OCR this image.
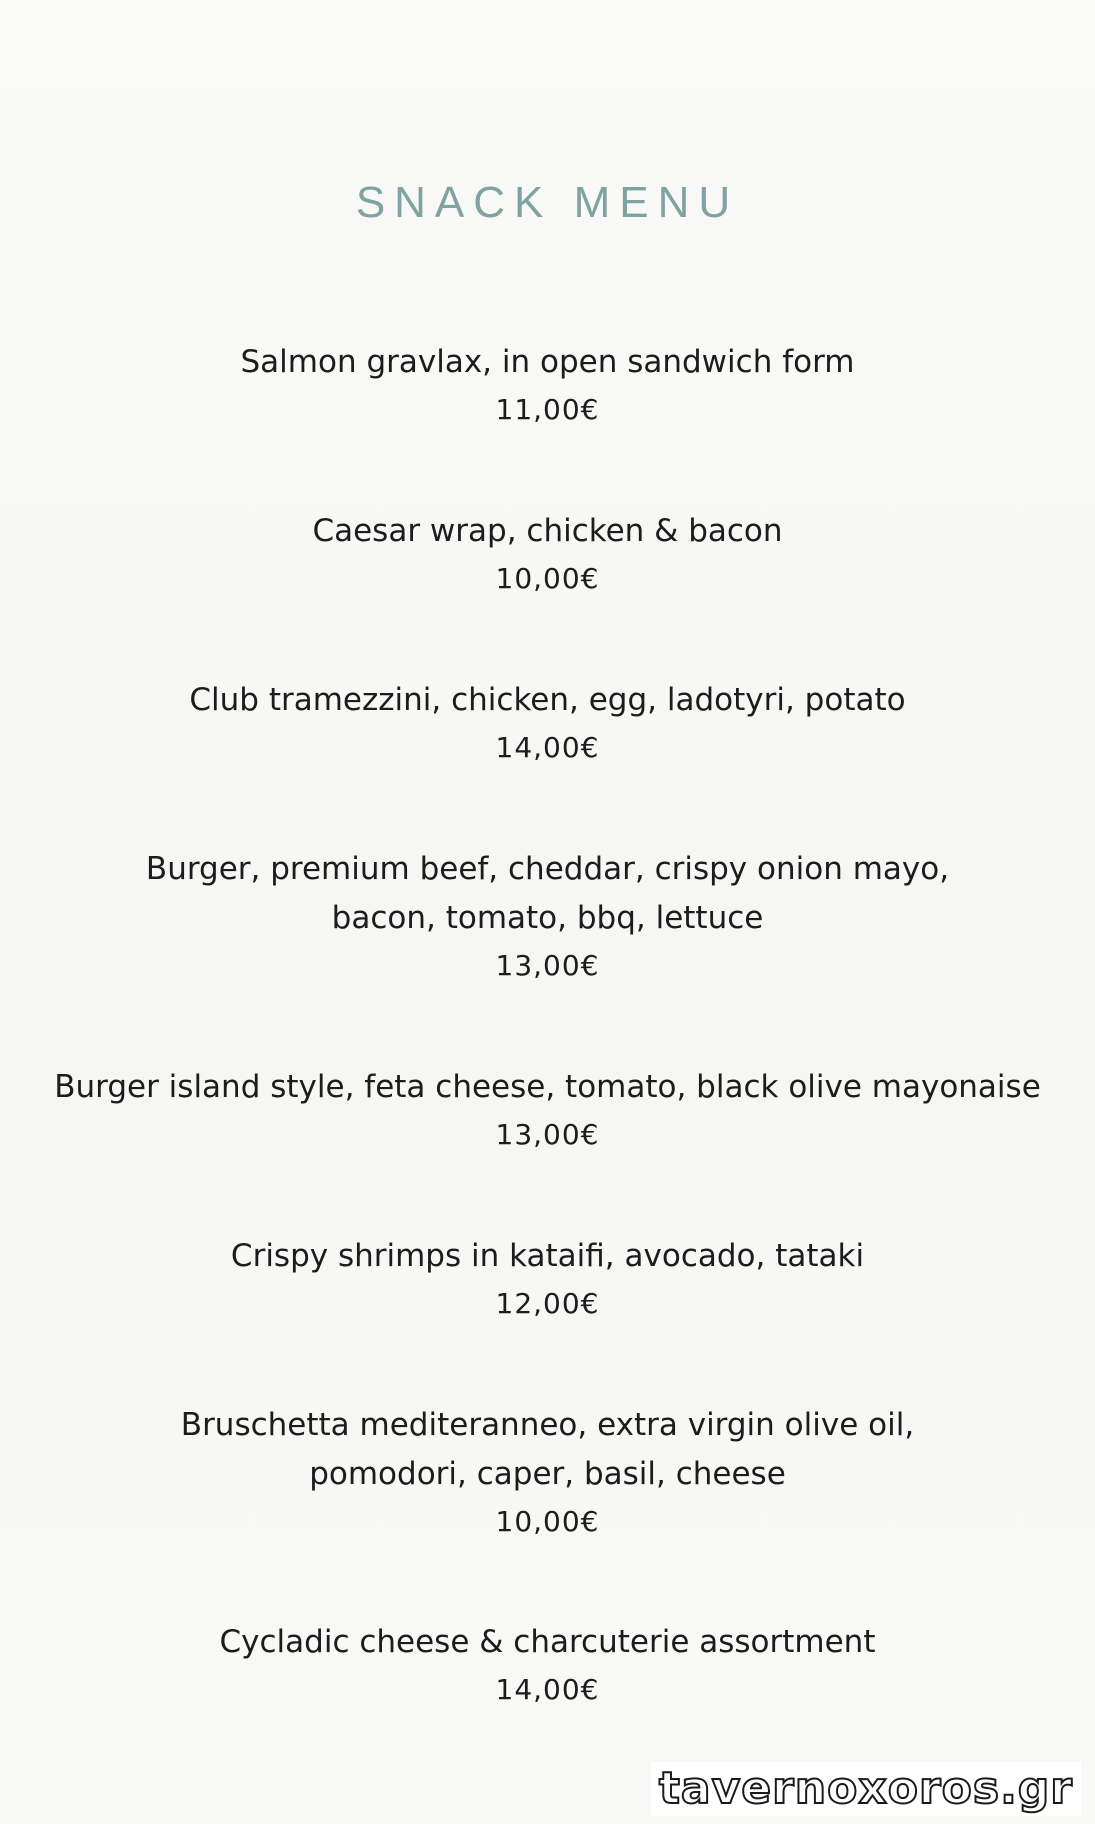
SNACK MENU
Salmon gravlax, in open sandwich form
11,00€
Caesar wrap, chicken & bacon
10,00€
Club tramezzini, chicken, egg, ladotyri, potato
14,00€
Burger, premium beef, cheddar, crispy onion mayo,
bacon, tomato, bbq, lettuce
13,00€
Burger island style, feta cheese, tomato, black olive mayonaise
13,00€
Crispy shrimps in kataifi, avocado, tataki
12,00€
Bruschetta mediteranneo, extra virgin olive oil,
pomodori, caper, basil, cheese
10,00€
Cycladic cheese & charcuterie assortment
14,00€
tavernoxoros.gr
